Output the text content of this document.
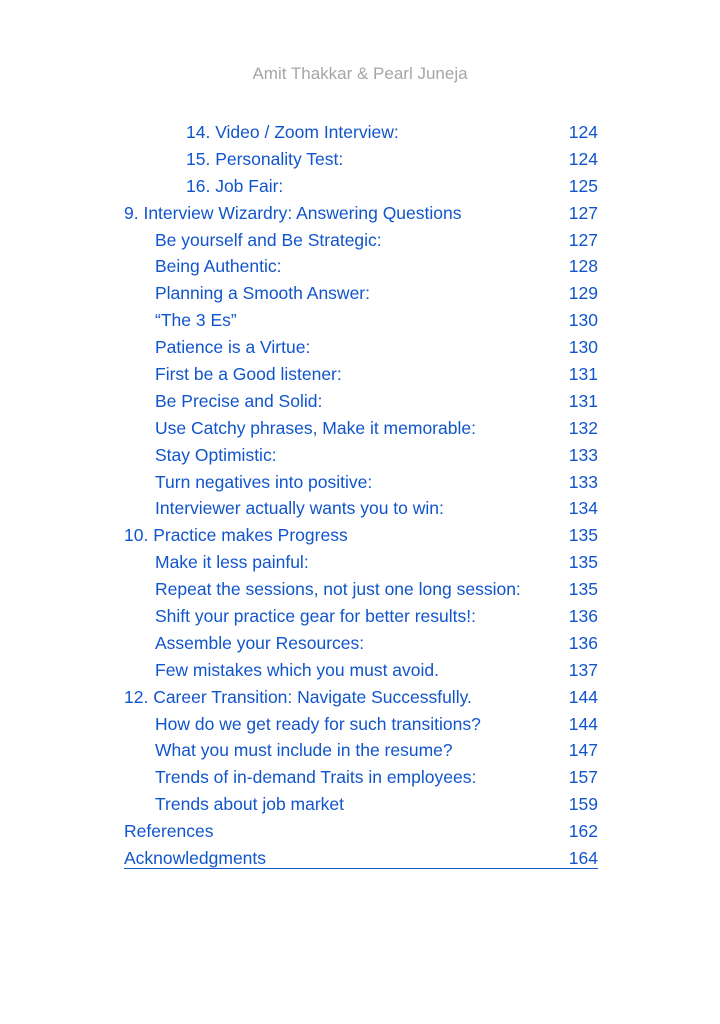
Amit Thakkar & Pearl Juneja
14. Video / Zoom Interview:	124
15. Personality Test:	124
16. Job Fair:	125
9. Interview Wizardry: Answering Questions	127
Be yourself and Be Strategic:	127
Being Authentic:	128
Planning a Smooth Answer:	129
“The 3 Es”	130
Patience is a Virtue:	130
First be a Good listener:	131
Be Precise and Solid:	131
Use Catchy phrases, Make it memorable:	132
Stay Optimistic:	133
Turn negatives into positive:	133
Interviewer actually wants you to win:	134
10. Practice makes Progress	135
Make it less painful:	135
Repeat the sessions, not just one long session:	135
Shift your practice gear for better results!:	136
Assemble your Resources:	136
Few mistakes which you must avoid.	137
12. Career Transition: Navigate Successfully.	144
How do we get ready for such transitions?	144
What you must include in the resume?	147
Trends of in-demand Traits in employees:	157
Trends about job market	159
References	162
Acknowledgments	164
